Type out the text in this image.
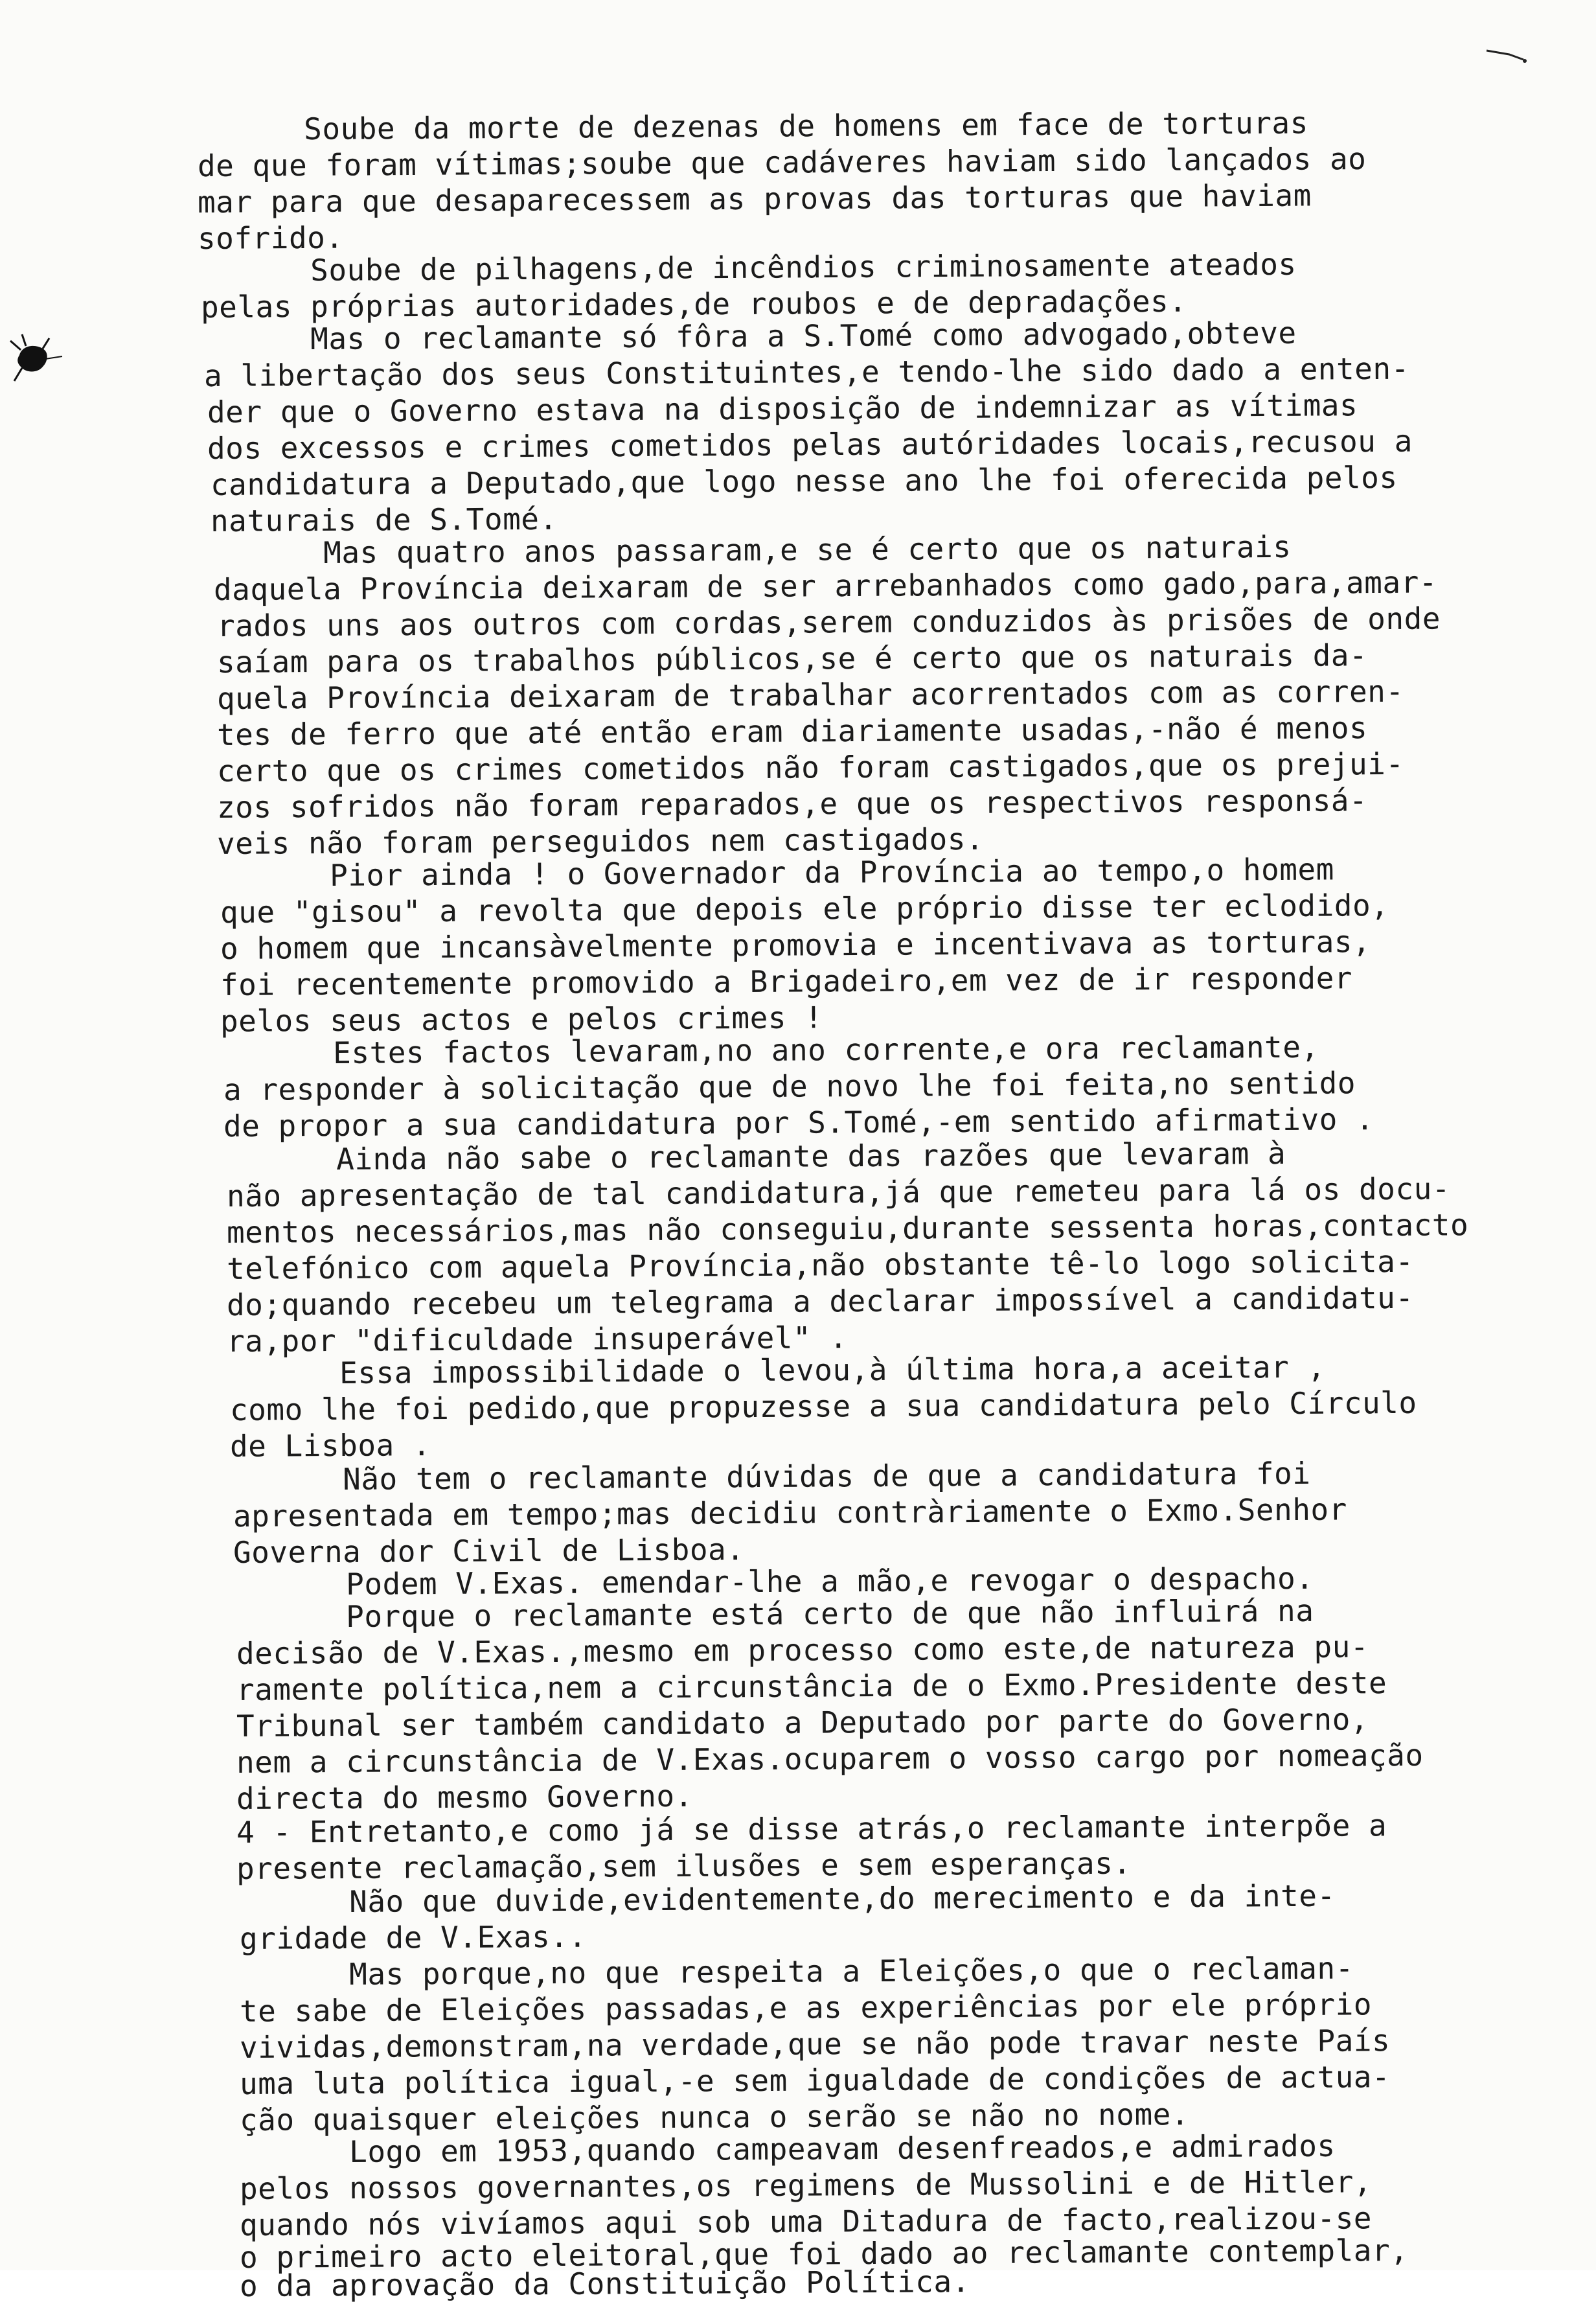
Soube da morte de dezenas de homens em face de torturas
de que foram vítimas;soube que cadáveres haviam sido lançados ao
mar para que desaparecessem as provas das torturas que haviam
sofrido.
Soube de pilhagens,de incêndios criminosamente ateados
pelas próprias autoridades,de roubos e de depradações.
Mas o reclamante só fôra a S.Tomé como advogado,obteve
a libertação dos seus Constituintes,e tendo-lhe sido dado a enten-
der que o Governo estava na disposição de indemnizar as vítimas
dos excessos e crimes cometidos pelas autóridades locais,recusou a
candidatura a Deputado,que logo nesse ano lhe foi oferecida pelos
naturais de S.Tomé.
Mas quatro anos passaram,e se é certo que os naturais
daquela Província deixaram de ser arrebanhados como gado,para,amar-
rados uns aos outros com cordas,serem conduzidos às prisões de onde
saíam para os trabalhos públicos,se é certo que os naturais da-
quela Província deixaram de trabalhar acorrentados com as corren-
tes de ferro que até então eram diariamente usadas,-não é menos
certo que os crimes cometidos não foram castigados,que os prejui-
zos sofridos não foram reparados,e que os respectivos responsá-
veis não foram perseguidos nem castigados.
Pior ainda ! o Governador da Província ao tempo,o homem
que "gisou" a revolta que depois ele próprio disse ter eclodido,
o homem que incansàvelmente promovia e incentivava as torturas,
foi recentemente promovido a Brigadeiro,em vez de ir responder
pelos seus actos e pelos crimes !
Estes factos levaram,no ano corrente,e ora reclamante,
a responder à solicitação que de novo lhe foi feita,no sentido
de propor a sua candidatura por S.Tomé,-em sentido afirmativo .
Ainda não sabe o reclamante das razões que levaram à
não apresentação de tal candidatura,já que remeteu para lá os docu-
mentos necessários,mas não conseguiu,durante sessenta horas,contacto
telefónico com aquela Província,não obstante tê-lo logo solicita-
do;quando recebeu um telegrama a declarar impossível a candidatu-
ra,por "dificuldade insuperável" .
Essa impossibilidade o levou,à última hora,a aceitar ,
como lhe foi pedido,que propuzesse a sua candidatura pelo Círculo
de Lisboa .
Não tem o reclamante dúvidas de que a candidatura foi
apresentada em tempo;mas decidiu contràriamente o Exmo.Senhor
Governa dor Civil de Lisboa.
Podem V.Exas. emendar-lhe a mão,e revogar o despacho.
Porque o reclamante está certo de que não influirá na
decisão de V.Exas.,mesmo em processo como este,de natureza pu-
ramente política,nem a circunstância de o Exmo.Presidente deste
Tribunal ser também candidato a Deputado por parte do Governo,
nem a circunstância de V.Exas.ocuparem o vosso cargo por nomeação
directa do mesmo Governo.
4 - Entretanto,e como já se disse atrás,o reclamante interpõe a
presente reclamação,sem ilusões e sem esperanças.
Não que duvide,evidentemente,do merecimento e da inte-
gridade de V.Exas..
Mas porque,no que respeita a Eleições,o que o reclaman-
te sabe de Eleições passadas,e as experiências por ele próprio
vividas,demonstram,na verdade,que se não pode travar neste País
uma luta política igual,-e sem igualdade de condições de actua-
ção quaisquer eleições nunca o serão se não no nome.
Logo em 1953,quando campeavam desenfreados,e admirados
pelos nossos governantes,os regimens de Mussolini e de Hitler,
quando nós vivíamos aqui sob uma Ditadura de facto,realizou-se
o primeiro acto eleitoral,que foi dado ao reclamante contemplar,
o da aprovação da Constituição Política.
